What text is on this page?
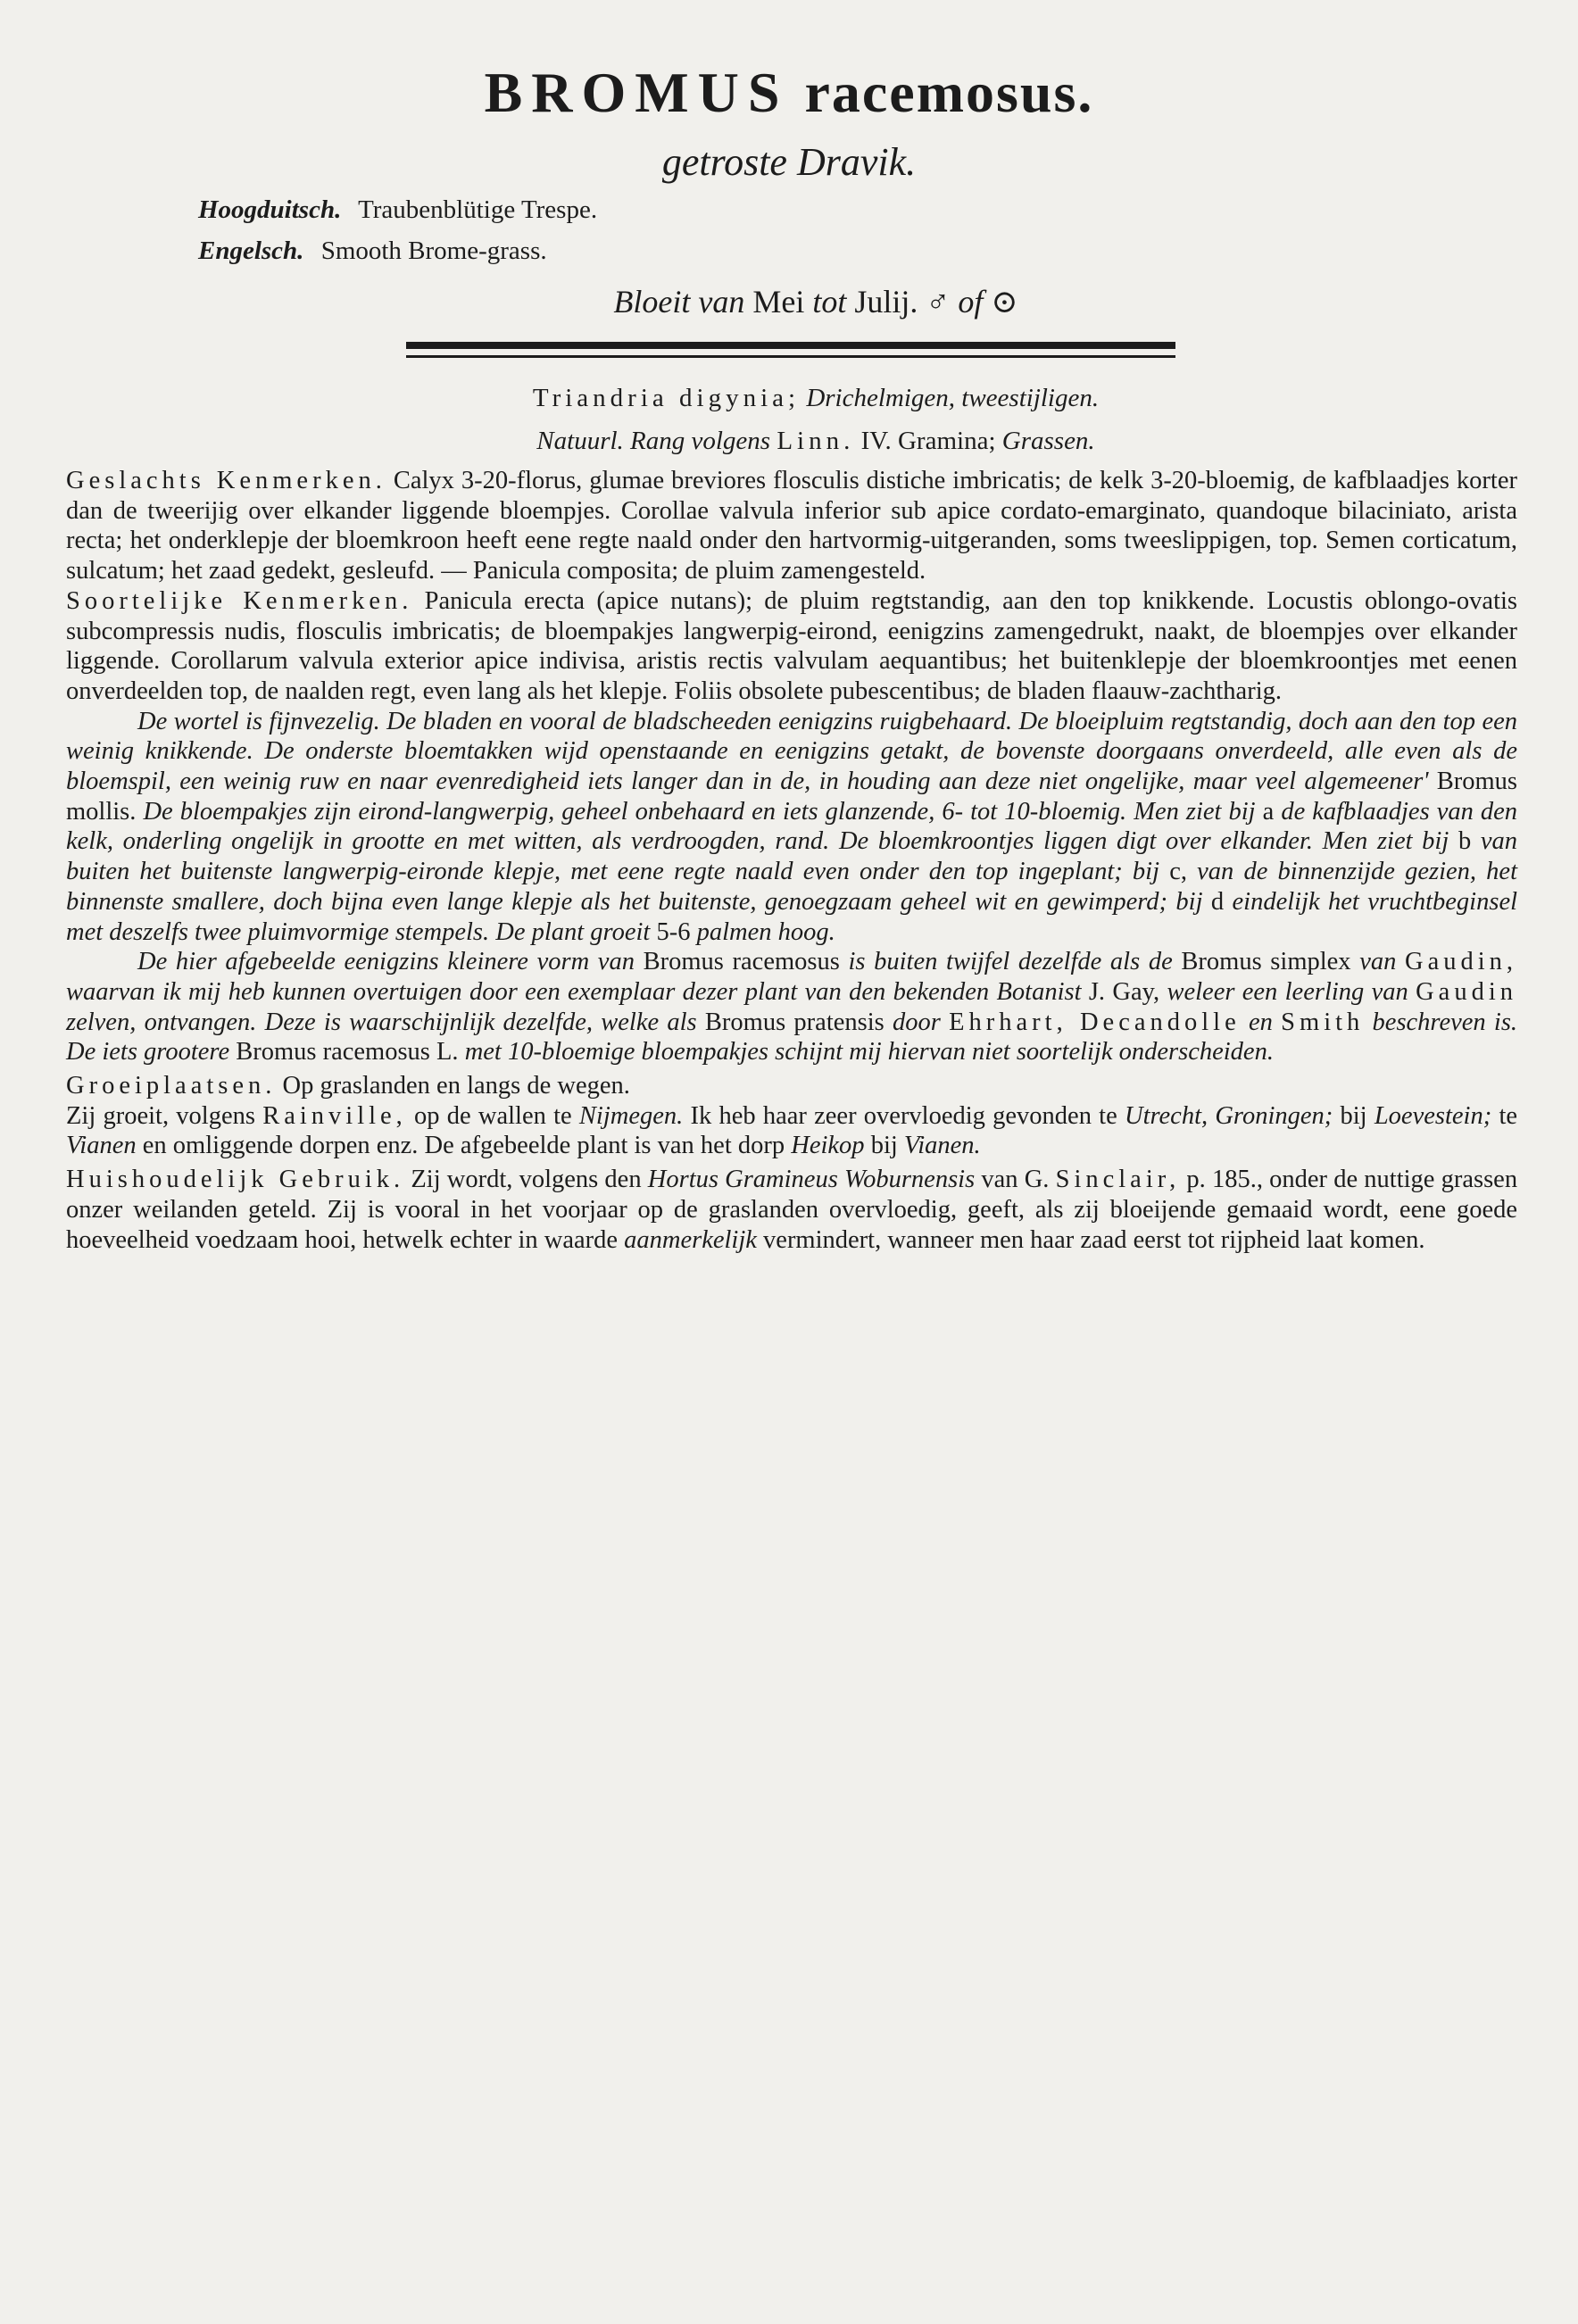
BROMUS racemosus.
getroste Dravik.
Hoogduitsch. Traubenblütige Trespe.
Engelsch. Smooth Brome-grass.
Bloeit van Mei tot Julij. ♂ of ⊙
Triandria digynia; Drichelmigen, tweestijligen.
Natuurl. Rang volgens Linn. IV. Gramina; Grassen.

Geslachts Kenmerken. Calyx 3-20-florus, glumae breviores flosculis distiche imbricatis; de kelk 3-20-bloemig, de kafblaadjes korter dan de tweerijig over elkander liggende bloempjes. Corollae valvula inferior sub apice cordato-emarginato, quandoque bilaciniato, arista recta; het onderklepje der bloemkroon heeft eene regte naald onder den hartvormig-uitgeranden, soms tweeslippigen, top. Semen corticatum, sulcatum; het zaad gedekt, gesleufd. — Panicula composita; de pluim zamengesteld.

Soortelijke Kenmerken. Panicula erecta (apice nutans); de pluim regtstandig, aan den top knikkende. Locustis oblongo-ovatis subcompressis nudis, flosculis imbricatis; de bloempakjes langwerpig-eirond, eenigzins zamengedrukt, naakt, de bloempjes over elkander liggende. Corollarum valvula exterior apice indivisa, aristis rectis valvulam aequantibus; het buitenklepje der bloemkroontjes met eenen onverdeelden top, de naalden regt, even lang als het klepje. Foliis obsolete pubescentibus; de bladen flaauw-zachtharig.

De wortel is fijnvezelig. De bladen en vooral de bladscheeden eenigzins ruigbehaard. De bloeipluim regtstandig, doch aan den top een weinig knikkende. De onderste bloemtakken wijd openstaande en eenigzins getakt, de bovenste doorgaans onverdeeld, alle even als de bloemspil, een weinig ruw en naar evenredigheid iets langer dan in de, in houding aan deze niet ongelijke, maar veel algemeener' Bromus mollis. De bloempakjes zijn eirond-langwerpig, geheel onbehaard en iets glanzende, 6- tot 10-bloemig. Men ziet bij a de kafblaadjes van den kelk, onderling ongelijk in grootte en met witten, als verdroogden, rand. De bloemkroontjes liggen digt over elkander. Men ziet bij b van buiten het buitenste langwerpig-eironde klepje, met eene regte naald even onder den top ingeplant; bij c, van de binnenzijde gezien, het binnenste smallere, doch bijna even lange klepje als het buitenste, genoegzaam geheel wit en gewimperd; bij d eindelijk het vruchtbeginsel met deszelfs twee pluimvormige stempels. De plant groeit 5-6 palmen hoog.

De hier afgebeelde eenigzins kleinere vorm van Bromus racemosus is buiten twijfel dezelfde als de Bromus simplex van Gaudin, waarvan ik mij heb kunnen overtuigen door een exemplaar dezer plant van den bekenden Botanist J. Gay, weleer een leerling van Gaudin zelven, ontvangen. Deze is waarschijnlijk dezelfde, welke als Bromus pratensis door Ehrhart, Decandolle en Smith beschreven is. De iets grootere Bromus racemosus L. met 10-bloemige bloempakjes schijnt mij hiervan niet soortelijk onderscheiden.

Groeiplaatsen. Op graslanden en langs de wegen.

Zij groeit, volgens Rainville, op de wallen te Nijmegen. Ik heb haar zeer overvloedig gevonden te Utrecht, Groningen; bij Loevestein; te Vianen en omliggende dorpen enz. De afgebeelde plant is van het dorp Heikop bij Vianen.

Huishoudelijk Gebruik. Zij wordt, volgens den Hortus Gramineus Woburnensis van G. Sinclair, p. 185., onder de nuttige grassen onzer weilanden geteld. Zij is vooral in het voorjaar op de graslanden overvloedig, geeft, als zij bloeijende gemaaid wordt, eene goede hoeveelheid voedzaam hooi, hetwelk echter in waarde aanmerkelijk vermindert, wanneer men haar zaad eerst tot rijpheid laat komen.
